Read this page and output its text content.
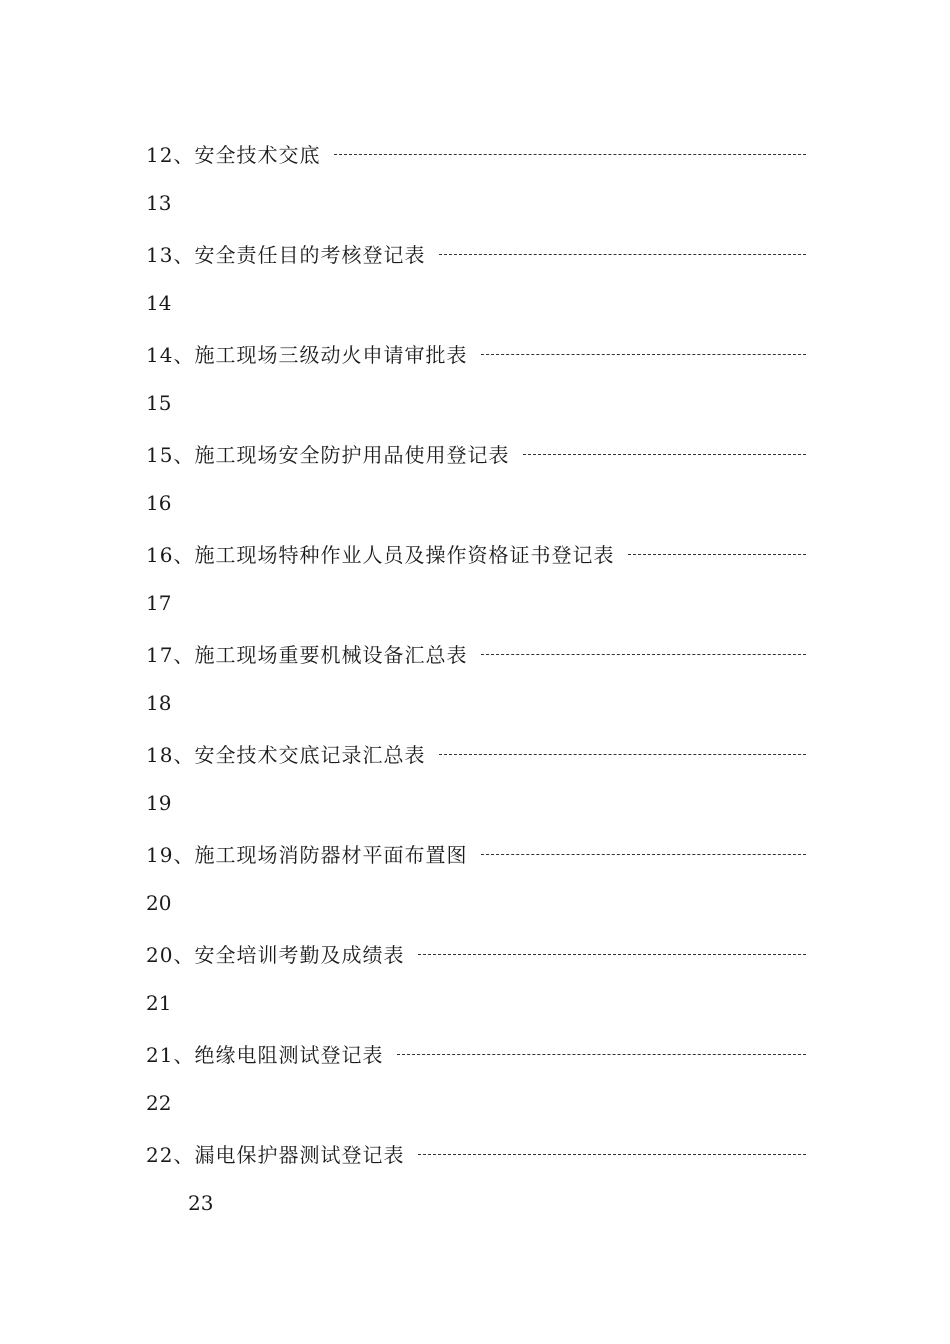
12、安全技术交底
13
13、安全责任目的考核登记表
14
14、施工现场三级动火申请审批表
15
15、施工现场安全防护用品使用登记表
16
16、施工现场特种作业人员及操作资格证书登记表
17
17、施工现场重要机械设备汇总表
18
18、安全技术交底记录汇总表
19
19、施工现场消防器材平面布置图
20
20、安全培训考勤及成绩表
21
21、绝缘电阻测试登记表
22
22、漏电保护器测试登记表
23
